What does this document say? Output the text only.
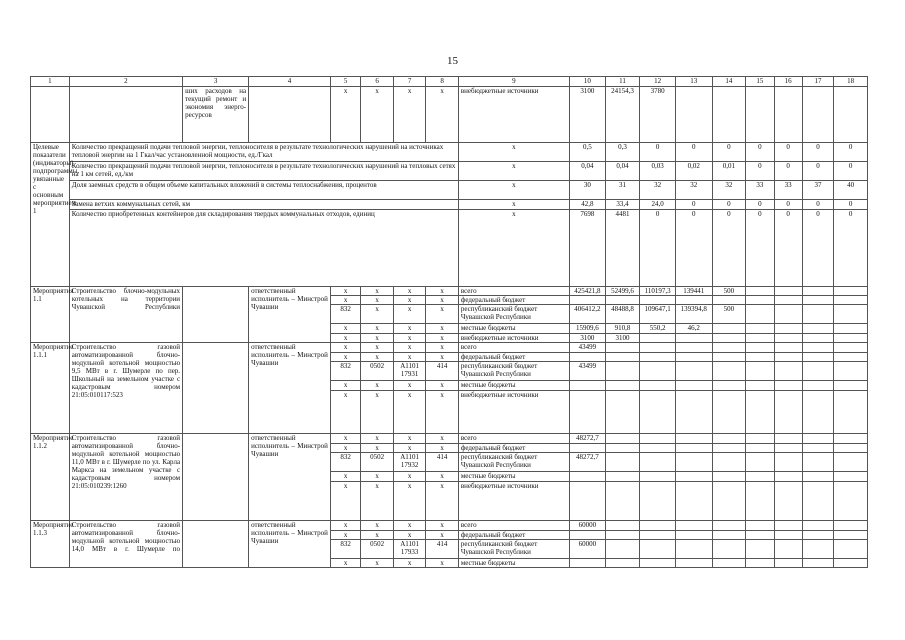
15
1	2	3	4	5	6	7	8	9	10	11	12	13	14	15	16	17	18
		ших расходов на текущий ремонт и экономия энерго-ресурсов		x	x	x	x	внебюджетные источники	3100	24154,3	3780						
Целевые показатели (индикаторы) подпрограммы, увязанные с основным мероприятием 1	Количество прекращений подачи тепловой энергии, теплоносителя в результате технологических нарушений на источниках тепловой энергии на 1 Гкал/час установленной мощности, ед./Гкал							x	0,5	0,3	0	0	0	0	0	0	0
	Количество прекращений подачи тепловой энергии, теплоносителя в результате технологических нарушений на тепловых сетях на 1 км сетей, ед./км							x	0,04	0,04	0,03	0,02	0,01	0	0	0	0
	Доля заемных средств в общем объеме капитальных вложений в системы теплоснабжения, процентов							x	30	31	32	32	32	33	33	37	40
	Замена ветхих коммунальных сетей, км							x	42,8	33,4	24,0	0	0	0	0	0	0
	Количество приобретенных контейнеров для складирования твердых коммунальных отходов, единиц							x	7698	4481	0	0	0	0	0	0	0
Мероприятия 1.1	Строительство блочно-модульных котельных на территории Чувашской Республики		ответственный исполнитель – Минстрой Чувашии	x	x	x	x	всего	425421,8	52499,6	110197,3	139441	500				
				x	x	x	x	федеральный бюджет									
				832	x	x	x	республиканский бюджет Чувашской Республики	406412,2	48488,8	109647,1	139394,8	500				
				x	x	x	x	местные бюджеты	15909,6	910,8	550,2	46,2					
				x	x	x	x	внебюджетные источники	3100	3100							
Мероприятие 1.1.1	Строительство газовой автоматизированной блочно-модульной котельной мощностью 9,5 МВт в г. Шумерле по пер. Школьный на земельном участке с кадастровым номером 21:05:010117:523		ответственный исполнитель – Минстрой Чувашии	x	x	x	x	всего	43499								
				x	x	x	x	федеральный бюджет									
				832	0502	А1101 17931	414	республиканский бюджет Чувашской Республики	43499								
				x	x	x	x	местные бюджеты									
				x	x	x	x	внебюджетные источники									
Мероприятие 1.1.2	Строительство газовой автоматизированной блочно-модульной котельной мощностью 11,0 МВт в г. Шумерле по ул. Карла Маркса на земельном участке с кадастровым номером 21:05:010239:1260		ответственный исполнитель – Минстрой Чувашии	x	x	x	x	всего	48272,7								
				x	x	x	x	федеральный бюджет									
				832	0502	А1101 17932	414	республиканский бюджет Чувашской Республики	48272,7								
				x	x	x	x	местные бюджеты									
				x	x	x	x	внебюджетные источники									
Мероприятие 1.1.3	Строительство газовой автоматизированной блочно-модульной котельной мощностью 14,0 МВт в г. Шумерле по		ответственный исполнитель – Минстрой Чувашии	x	x	x	x	всего	60000								
				x	x	x	x	федеральный бюджет									
				832	0502	А1101 17933	414	республиканский бюджет Чувашской Республики	60000								
				x	x	x	x	местные бюджеты									
